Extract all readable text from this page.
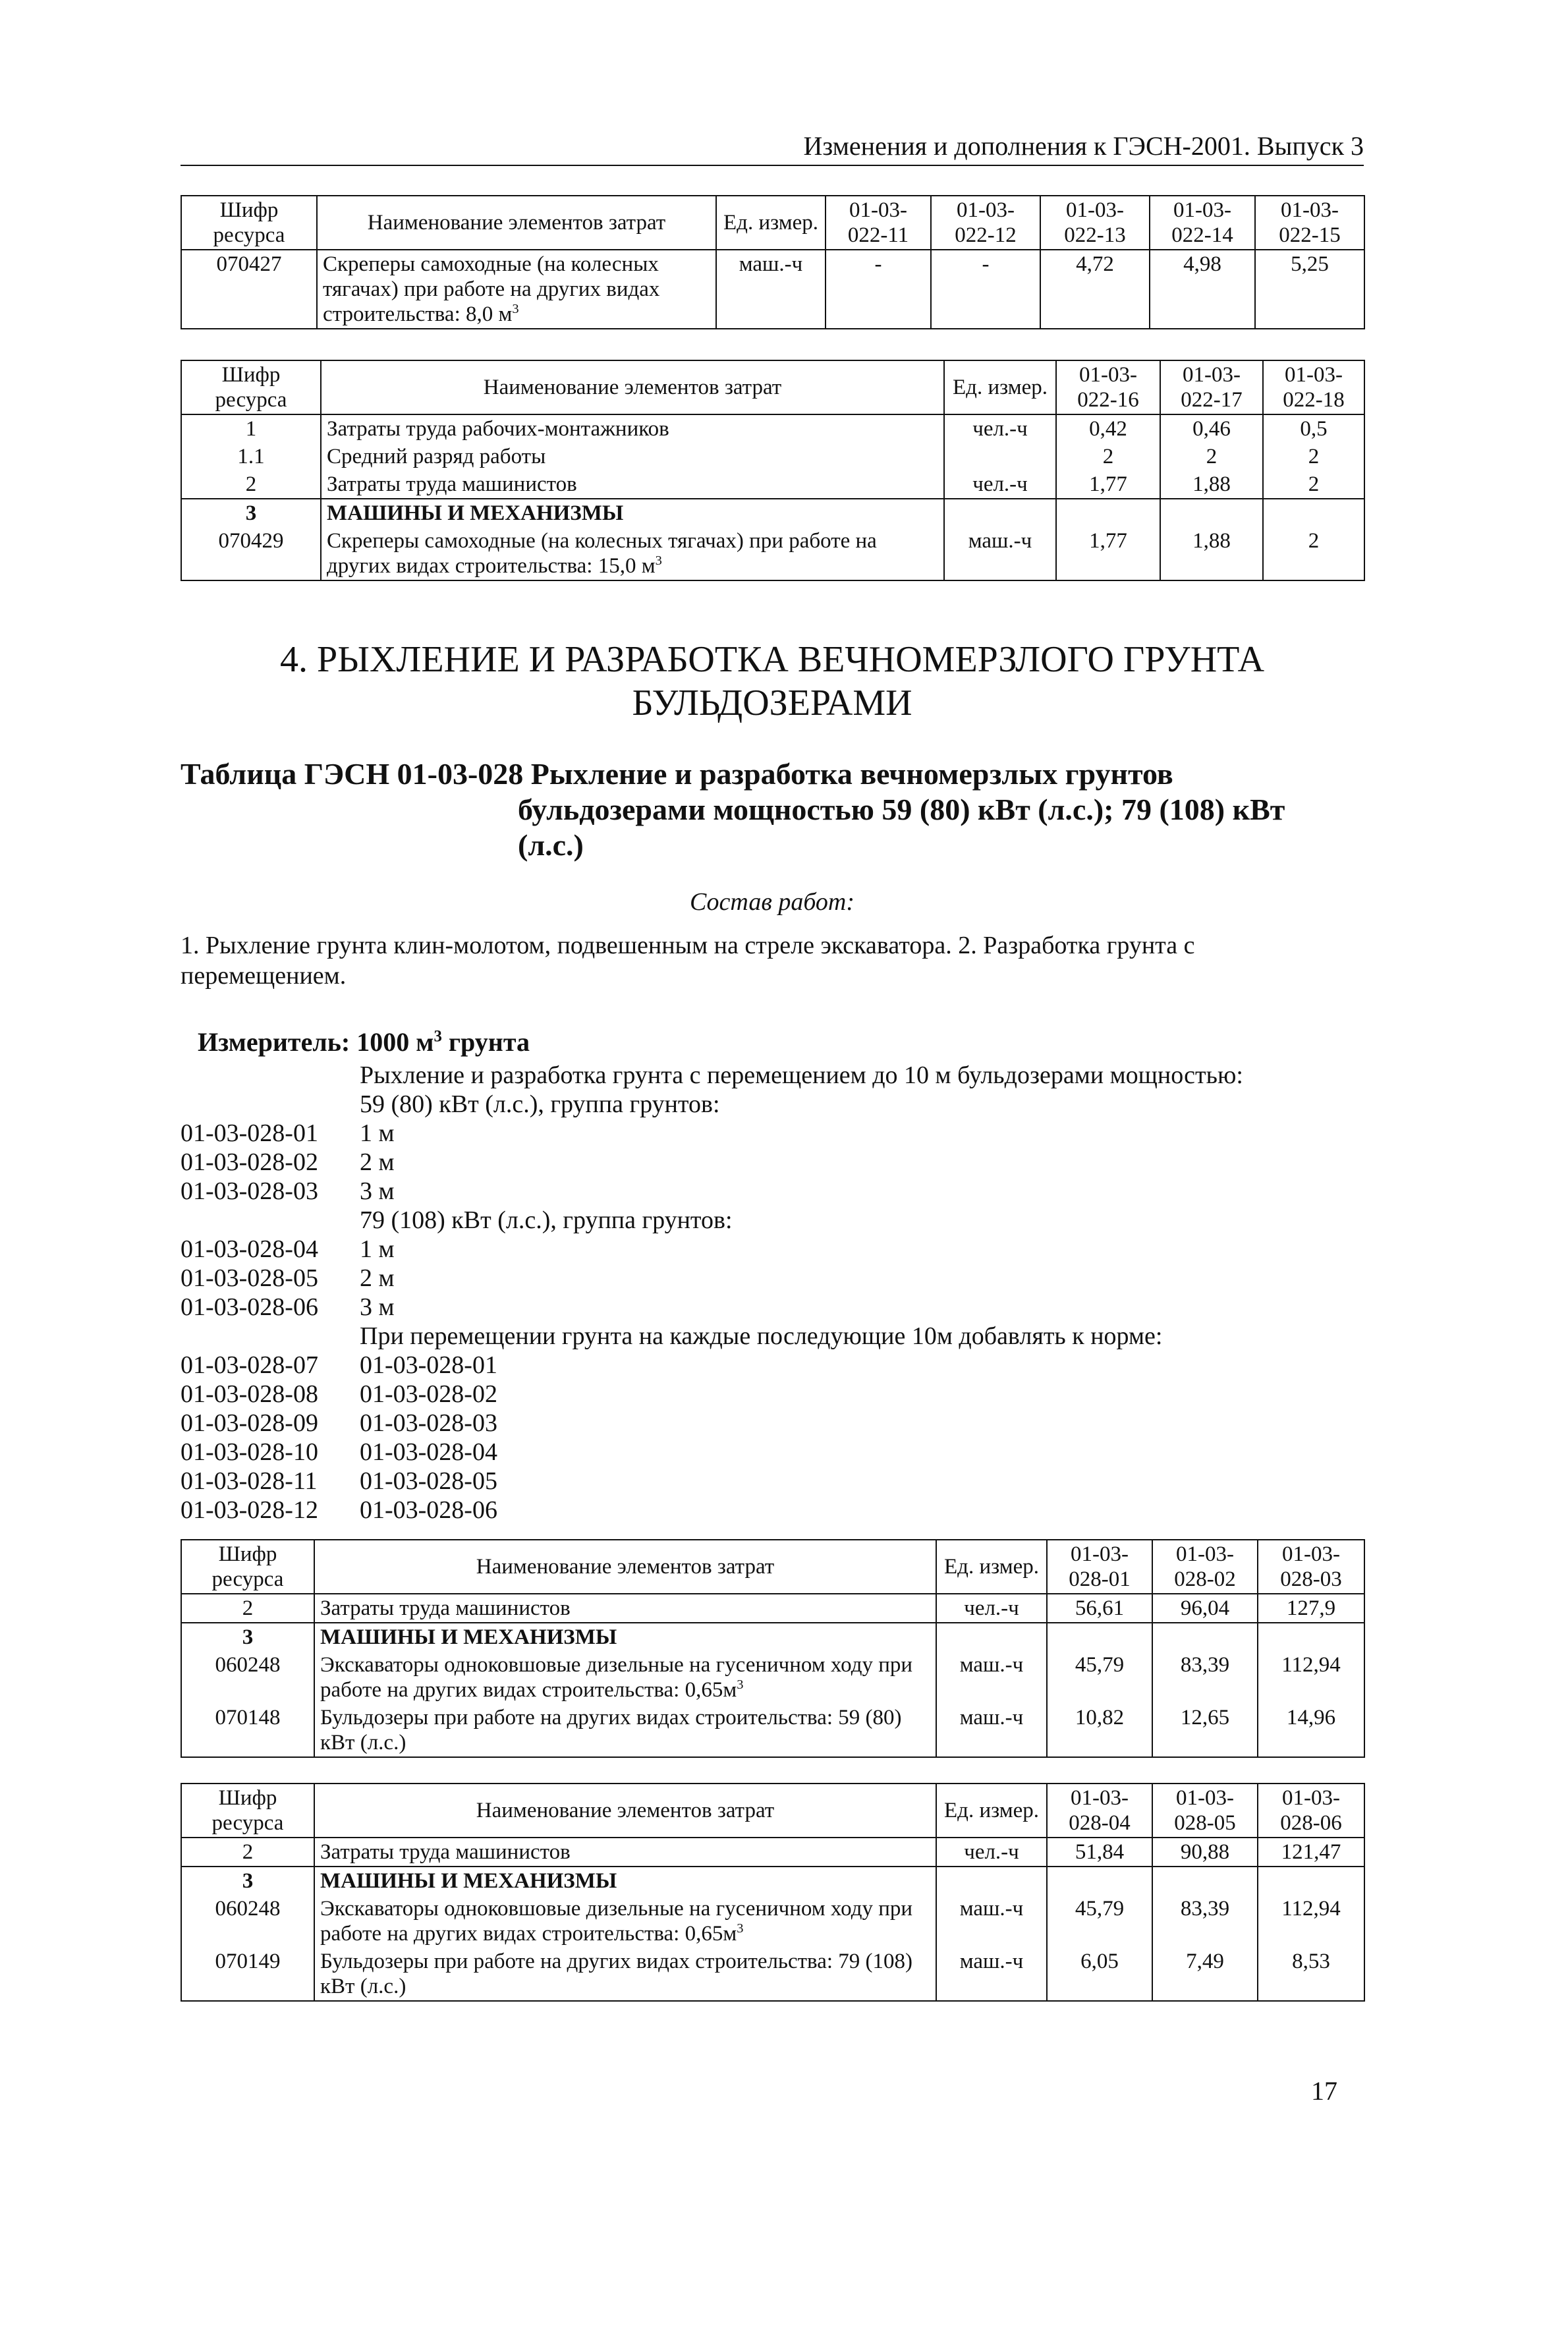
Изменения и дополнения к ГЭСН-2001. Выпуск 3
Шифр ресурса	Наименование элементов затрат	Ед. измер.	01-03-022-11	01-03-022-12	01-03-022-13	01-03-022-14	01-03-022-15
070427	Скреперы самоходные (на колесных тягачах) при работе на других видах строительства: 8,0 $м^3$	маш.-ч	-	-	4,72	4,98	5,25
Шифр ресурса	Наименование элементов затрат	Ед. измер.	01-03-022-16	01-03-022-17	01-03-022-18
1	Затраты труда рабочих-монтажников	чел.-ч	0,42	0,46	0,5
1.1	Средний разряд работы		2	2	2
2	Затраты труда машинистов	чел.-ч	1,77	1,88	2
3	МАШИНЫ И МЕХАНИЗМЫ				
070429	Скреперы самоходные (на колесных тягачах) при работе на других видах строительства: 15,0 $м^3$	маш.-ч	1,77	1,88	2
4. РЫХЛЕНИЕ И РАЗРАБОТКА ВЕЧНОМЕРЗЛОГО ГРУНТА БУЛЬДОЗЕРАМИ
Таблица ГЭСН 01-03-028 Рыхление и разработка вечномерзлых грунтов
бульдозерами мощностью 59 (80) кВт (л.с.); 79 (108) кВт
(л.с.)
Состав работ:
1. Рыхление грунта клин-молотом, подвешенным на стреле экскаватора. 2. Разработка грунта с перемещением.
Измеритель: 1000 $м^3$ грунта
Рыхление и разработка грунта с перемещением до 10 м бульдозерами мощностью:
59 (80) кВт (л.с.), группа грунтов:
01-03-028-01	1 м
01-03-028-02	2 м
01-03-028-03	3 м
79 (108) кВт (л.с.), группа грунтов:
01-03-028-04	1 м
01-03-028-05	2 м
01-03-028-06	3 м
При перемещении грунта на каждые последующие 10м добавлять к норме:
01-03-028-07	01-03-028-01
01-03-028-08	01-03-028-02
01-03-028-09	01-03-028-03
01-03-028-10	01-03-028-04
01-03-028-11	01-03-028-05
01-03-028-12	01-03-028-06
Шифр ресурса	Наименование элементов затрат	Ед. измер.	01-03-028-01	01-03-028-02	01-03-028-03
2	Затраты труда машинистов	чел.-ч	56,61	96,04	127,9
3	МАШИНЫ И МЕХАНИЗМЫ				
060248	Экскаваторы одноковшовые дизельные на гусеничном ходу при работе на других видах строительства: $0,65м^3$	маш.-ч	45,79	83,39	112,94
070148	Бульдозеры при работе на других видах строительства: 59 (80) кВт (л.с.)	маш.-ч	10,82	12,65	14,96
Шифр ресурса	Наименование элементов затрат	Ед. измер.	01-03-028-04	01-03-028-05	01-03-028-06
2	Затраты труда машинистов	чел.-ч	51,84	90,88	121,47
3	МАШИНЫ И МЕХАНИЗМЫ				
060248	Экскаваторы одноковшовые дизельные на гусеничном ходу при работе на других видах строительства: $0,65м^3$	маш.-ч	45,79	83,39	112,94
070149	Бульдозеры при работе на других видах строительства: 79 (108) кВт (л.с.)	маш.-ч	6,05	7,49	8,53
17
